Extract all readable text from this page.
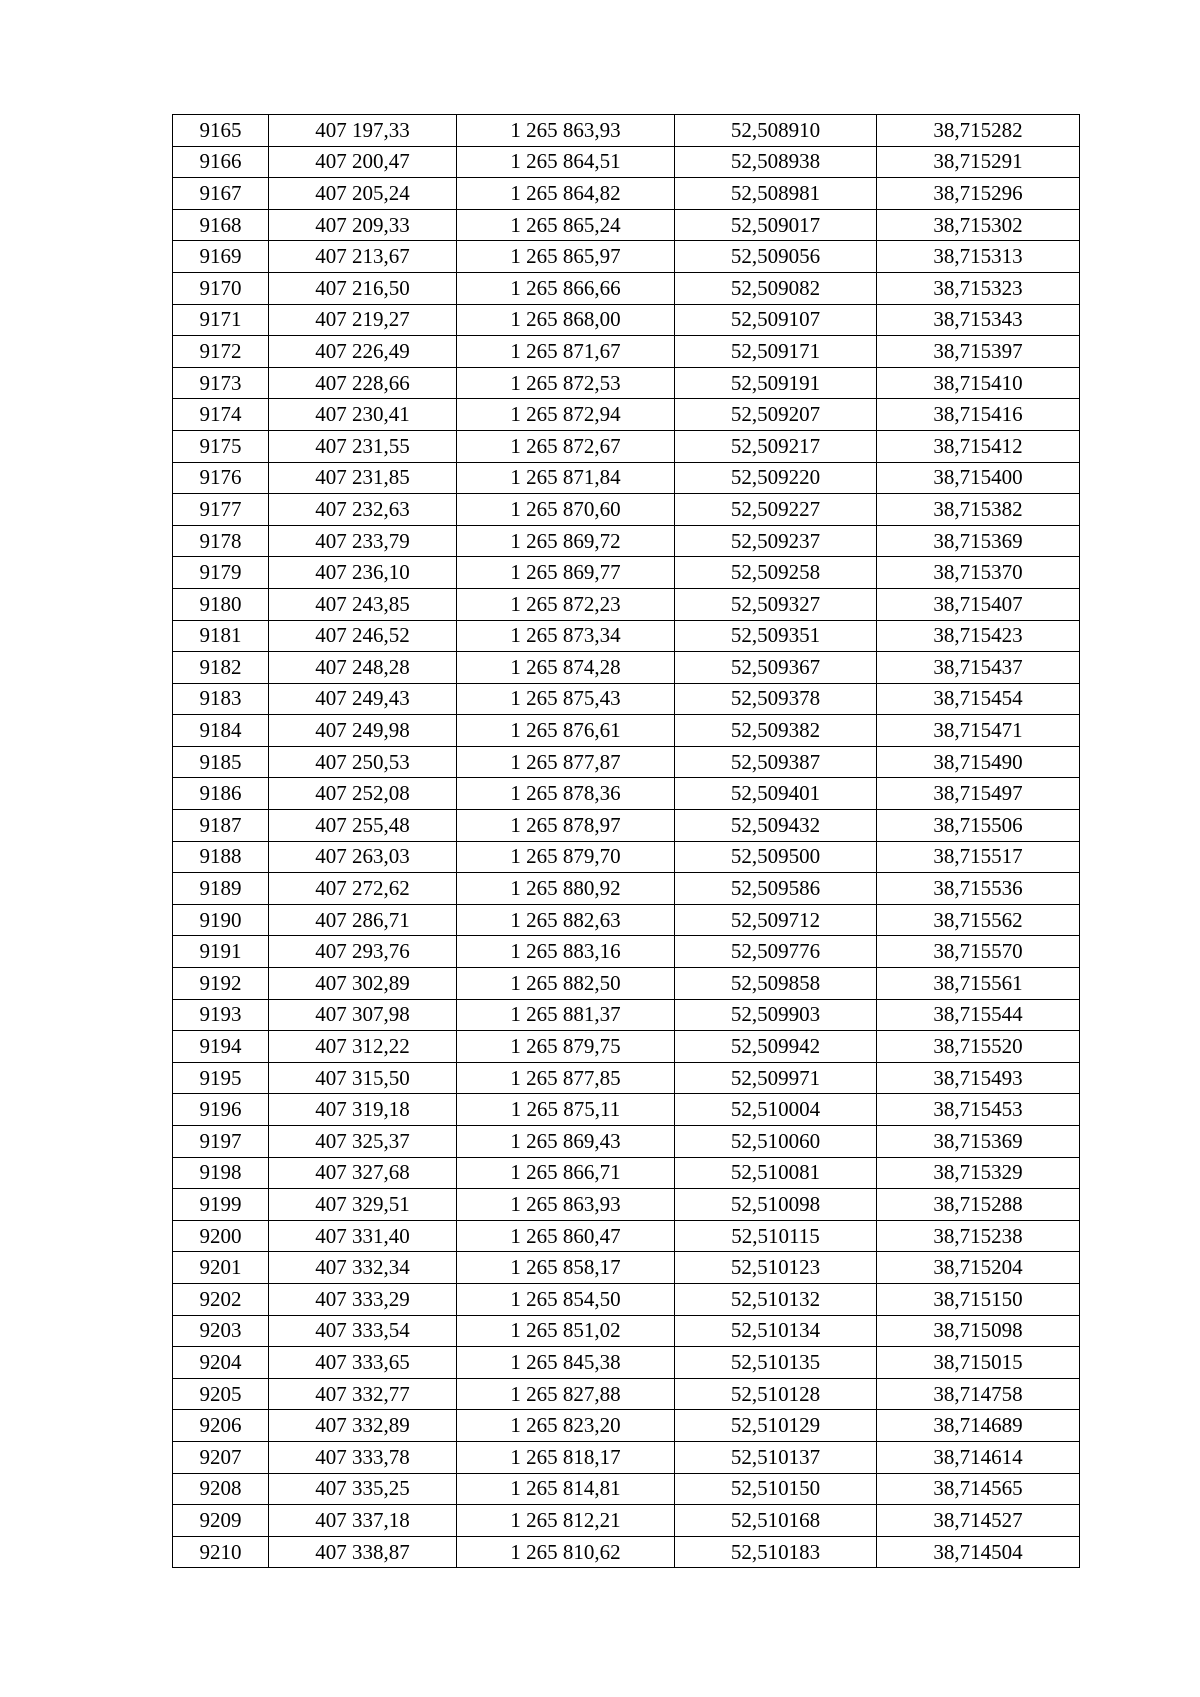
9165	407 197,33	1 265 863,93	52,508910	38,715282
9166	407 200,47	1 265 864,51	52,508938	38,715291
9167	407 205,24	1 265 864,82	52,508981	38,715296
9168	407 209,33	1 265 865,24	52,509017	38,715302
9169	407 213,67	1 265 865,97	52,509056	38,715313
9170	407 216,50	1 265 866,66	52,509082	38,715323
9171	407 219,27	1 265 868,00	52,509107	38,715343
9172	407 226,49	1 265 871,67	52,509171	38,715397
9173	407 228,66	1 265 872,53	52,509191	38,715410
9174	407 230,41	1 265 872,94	52,509207	38,715416
9175	407 231,55	1 265 872,67	52,509217	38,715412
9176	407 231,85	1 265 871,84	52,509220	38,715400
9177	407 232,63	1 265 870,60	52,509227	38,715382
9178	407 233,79	1 265 869,72	52,509237	38,715369
9179	407 236,10	1 265 869,77	52,509258	38,715370
9180	407 243,85	1 265 872,23	52,509327	38,715407
9181	407 246,52	1 265 873,34	52,509351	38,715423
9182	407 248,28	1 265 874,28	52,509367	38,715437
9183	407 249,43	1 265 875,43	52,509378	38,715454
9184	407 249,98	1 265 876,61	52,509382	38,715471
9185	407 250,53	1 265 877,87	52,509387	38,715490
9186	407 252,08	1 265 878,36	52,509401	38,715497
9187	407 255,48	1 265 878,97	52,509432	38,715506
9188	407 263,03	1 265 879,70	52,509500	38,715517
9189	407 272,62	1 265 880,92	52,509586	38,715536
9190	407 286,71	1 265 882,63	52,509712	38,715562
9191	407 293,76	1 265 883,16	52,509776	38,715570
9192	407 302,89	1 265 882,50	52,509858	38,715561
9193	407 307,98	1 265 881,37	52,509903	38,715544
9194	407 312,22	1 265 879,75	52,509942	38,715520
9195	407 315,50	1 265 877,85	52,509971	38,715493
9196	407 319,18	1 265 875,11	52,510004	38,715453
9197	407 325,37	1 265 869,43	52,510060	38,715369
9198	407 327,68	1 265 866,71	52,510081	38,715329
9199	407 329,51	1 265 863,93	52,510098	38,715288
9200	407 331,40	1 265 860,47	52,510115	38,715238
9201	407 332,34	1 265 858,17	52,510123	38,715204
9202	407 333,29	1 265 854,50	52,510132	38,715150
9203	407 333,54	1 265 851,02	52,510134	38,715098
9204	407 333,65	1 265 845,38	52,510135	38,715015
9205	407 332,77	1 265 827,88	52,510128	38,714758
9206	407 332,89	1 265 823,20	52,510129	38,714689
9207	407 333,78	1 265 818,17	52,510137	38,714614
9208	407 335,25	1 265 814,81	52,510150	38,714565
9209	407 337,18	1 265 812,21	52,510168	38,714527
9210	407 338,87	1 265 810,62	52,510183	38,714504
